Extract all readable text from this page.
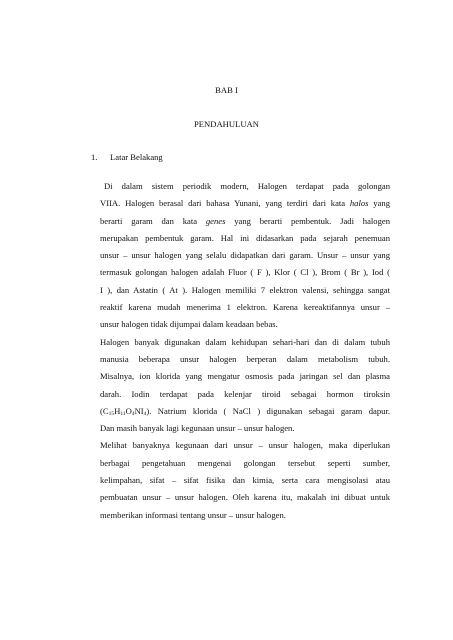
BAB I
PENDAHULUAN
1. Latar Belakang

Di dalam sistem periodik modern, Halogen terdapat pada golongan
VIIA. Halogen berasal dari bahasa Yunani, yang terdiri dari kata halos yang
berarti garam dan kata genes yang berarti pembentuk. Jadi halogen
merupakan pembentuk garam. Hal ini didasarkan pada sejarah penemuan
unsur – unsur halogen yang selalu didapatkan dari garam. Unsur – unsur yang
termasuk golongan halogen adalah Fluor ( F ), Klor ( Cl ), Brom ( Br ), Iod (
I ), dan Astatin ( At ). Halogen memiliki 7 elektron valensi, sehingga sangat
reaktif karena mudah menerima 1 elektron. Karena kereaktifannya unsur –
unsur halogen tidak dijumpai dalam keadaan bebas.

Halogen banyak digunakan dalam kehidupan sehari-hari dan di dalam tubuh
manusia beberapa unsur halogen berperan dalam metabolism tubuh.
Misalnya, ion klorida yang mengatur osmosis pada jaringan sel dan plasma
darah. Iodin terdapat pada kelenjar tiroid sebagai hormon tiroksin
$(C_{15}H_{11}O_4NI_4)$. Natrium klorida ( NaCl ) digunakan sebagai garam dapur.
Dan masih banyak lagi kegunaan unsur – unsur halogen.

Melihat banyaknya kegunaan dari unsur – unsur halogen, maka diperlukan
berbagai pengetahuan mengenai golongan tersebut seperti sumber,
kelimpahan, sifat – sifat fisika dan kimia, serta cara mengisolasi atau
pembuatan unsur – unsur halogen. Oleh karena itu, makalah ini dibuat untuk
memberikan informasi tentang unsur – unsur halogen.
